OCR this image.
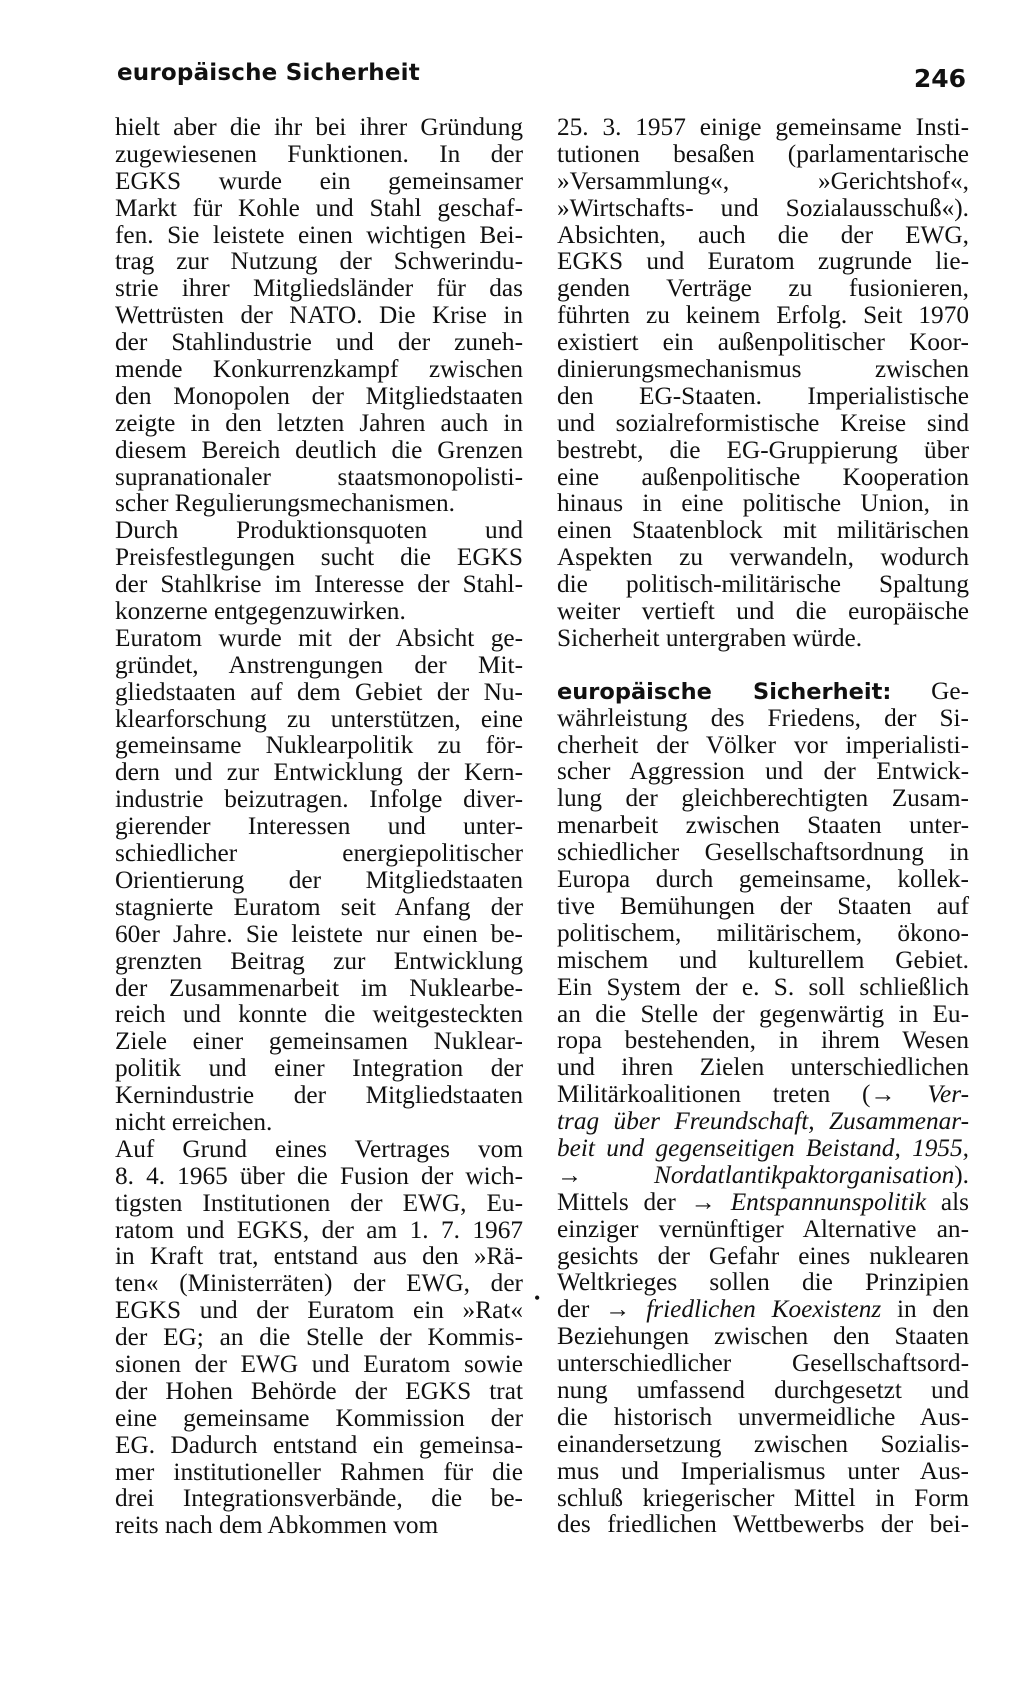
europäische Sicherheit	246
hielt aber die ihr bei ihrer Gründung
zugewiesenen Funktionen. In der
EGKS wurde ein gemeinsamer
Markt für Kohle und Stahl geschaf-
fen. Sie leistete einen wichtigen Bei-
trag zur Nutzung der Schwerindu-
strie ihrer Mitgliedsländer für das
Wettrüsten der NATO. Die Krise in
der Stahlindustrie und der zuneh-
mende Konkurrenzkampf zwischen
den Monopolen der Mitgliedstaaten
zeigte in den letzten Jahren auch in
diesem Bereich deutlich die Grenzen
supranationaler staatsmonopolisti-
scher Regulierungsmechanismen.
Durch Produktionsquoten und
Preisfestlegungen sucht die EGKS
der Stahlkrise im Interesse der Stahl-
konzerne entgegenzuwirken.
Euratom wurde mit der Absicht ge-
gründet, Anstrengungen der Mit-
gliedstaaten auf dem Gebiet der Nu-
klearforschung zu unterstützen, eine
gemeinsame Nuklearpolitik zu för-
dern und zur Entwicklung der Kern-
industrie beizutragen. Infolge diver-
gierender Interessen und unter-
schiedlicher energiepolitischer
Orientierung der Mitgliedstaaten
stagnierte Euratom seit Anfang der
60er Jahre. Sie leistete nur einen be-
grenzten Beitrag zur Entwicklung
der Zusammenarbeit im Nuklearbe-
reich und konnte die weitgesteckten
Ziele einer gemeinsamen Nuklear-
politik und einer Integration der
Kernindustrie der Mitgliedstaaten
nicht erreichen.
Auf Grund eines Vertrages vom
8. 4. 1965 über die Fusion der wich-
tigsten Institutionen der EWG, Eu-
ratom und EGKS, der am 1. 7. 1967
in Kraft trat, entstand aus den »Rä-
ten« (Ministerräten) der EWG, der
EGKS und der Euratom ein »Rat«
der EG; an die Stelle der Kommis-
sionen der EWG und Euratom sowie
der Hohen Behörde der EGKS trat
eine gemeinsame Kommission der
EG. Dadurch entstand ein gemeinsa-
mer institutioneller Rahmen für die
drei Integrationsverbände, die be-
reits nach dem Abkommen vom
25. 3. 1957 einige gemeinsame Insti-
tutionen besaßen (parlamentarische
»Versammlung«, »Gerichtshof«,
»Wirtschafts- und Sozialausschuß«).
Absichten, auch die der EWG,
EGKS und Euratom zugrunde lie-
genden Verträge zu fusionieren,
führten zu keinem Erfolg. Seit 1970
existiert ein außenpolitischer Koor-
dinierungsmechanismus zwischen
den EG-Staaten. Imperialistische
und sozialreformistische Kreise sind
bestrebt, die EG-Gruppierung über
eine außenpolitische Kooperation
hinaus in eine politische Union, in
einen Staatenblock mit militärischen
Aspekten zu verwandeln, wodurch
die politisch-militärische Spaltung
weiter vertieft und die europäische
Sicherheit untergraben würde.
europäische Sicherheit: Ge-
währleistung des Friedens, der Si-
cherheit der Völker vor imperialisti-
scher Aggression und der Entwick-
lung der gleichberechtigten Zusam-
menarbeit zwischen Staaten unter-
schiedlicher Gesellschaftsordnung in
Europa durch gemeinsame, kollek-
tive Bemühungen der Staaten auf
politischem, militärischem, ökono-
mischem und kulturellem Gebiet.
Ein System der e. S. soll schließlich
an die Stelle der gegenwärtig in Eu-
ropa bestehenden, in ihrem Wesen
und ihren Zielen unterschiedlichen
Militärkoalitionen treten (→ Ver-
trag über Freundschaft, Zusammenar-
beit und gegenseitigen Beistand, 1955,
→ Nordatlantikpaktorganisation).
Mittels der → Entspannunspolitik als
einziger vernünftiger Alternative an-
gesichts der Gefahr eines nuklearen
Weltkrieges sollen die Prinzipien
der → friedlichen Koexistenz in den
Beziehungen zwischen den Staaten
unterschiedlicher Gesellschaftsord-
nung umfassend durchgesetzt und
die historisch unvermeidliche Aus-
einandersetzung zwischen Sozialis-
mus und Imperialismus unter Aus-
schluß kriegerischer Mittel in Form
des friedlichen Wettbewerbs der bei-
•
